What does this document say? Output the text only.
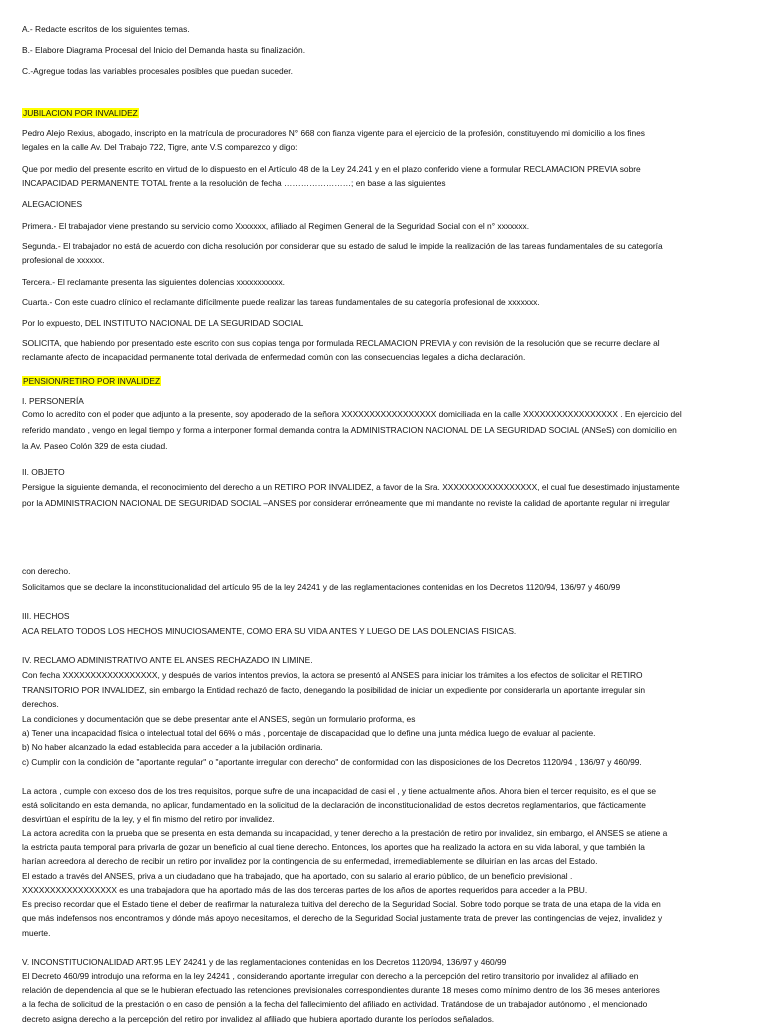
A.- Redacte escritos de los siguientes temas.
B.- Elabore Diagrama Procesal del Inicio del Demanda hasta su finalización.
C.-Agregue todas las variables procesales posibles que puedan suceder.
JUBILACION POR INVALIDEZ
Pedro Alejo Rexius, abogado, inscripto en la matrícula de procuradores N° 668 con fianza vigente para el ejercicio de la profesión, constituyendo mi domicilio a los fines
legales en la calle Av. Del Trabajo 722, Tigre, ante V.S comparezco y digo:
Que por medio del presente escrito en virtud de lo dispuesto en el Artículo 48 de la Ley 24.241 y en el plazo conferido viene a formular RECLAMACION PREVIA sobre
INCAPACIDAD PERMANENTE TOTAL frente a la resolución de fecha ……………………; en base a las siguientes
ALEGACIONES
Primera.- El trabajador viene prestando su servicio como Xxxxxxx, afiliado al Regimen General de la Seguridad Social con el n° xxxxxxx.
Segunda.- El trabajador no está de acuerdo con dicha resolución por considerar que su estado de salud le impide la realización de las tareas fundamentales de su categoría
profesional de xxxxxx.
Tercera.- El reclamante presenta las siguientes dolencias xxxxxxxxxxx.
Cuarta.- Con este cuadro clínico el reclamante difícilmente puede realizar las tareas fundamentales de su categoría profesional de xxxxxxx.
Por lo expuesto, DEL INSTITUTO NACIONAL DE LA SEGURIDAD SOCIAL
SOLICITA, que habiendo por presentado este escrito con sus copias tenga por formulada RECLAMACION PREVIA y con revisión de la resolución que se recurre declare al
reclamante afecto de incapacidad permanente total derivada de enfermedad común con las consecuencias legales a dicha declaración.
PENSION/RETIRO POR INVALIDEZ
I. PERSONERÍA
Como lo acredito con el poder que adjunto a la presente, soy apoderado de la señora XXXXXXXXXXXXXXXXX domiciliada en la calle XXXXXXXXXXXXXXXXX . En ejercicio del
referido mandato , vengo en legal tiempo y forma a interponer formal demanda contra la ADMINISTRACION NACIONAL DE LA SEGURIDAD SOCIAL (ANSeS) con domicilio en
la Av. Paseo Colón 329 de esta ciudad.
II. OBJETO
Persigue la siguiente demanda, el reconocimiento del derecho a un RETIRO POR INVALIDEZ, a favor de la Sra. XXXXXXXXXXXXXXXXX, el cual fue desestimado injustamente
por la ADMINISTRACION NACIONAL DE SEGURIDAD SOCIAL –ANSES por considerar erróneamente que mi mandante no reviste la calidad de aportante regular ni irregular
con derecho.
Solicitamos que se declare la inconstitucionalidad del artículo 95 de la ley 24241 y de las reglamentaciones contenidas en los Decretos 1120/94, 136/97 y 460/99
III. HECHOS
ACA RELATO TODOS LOS HECHOS MINUCIOSAMENTE, COMO ERA SU VIDA ANTES Y LUEGO DE LAS DOLENCIAS FISICAS.
IV. RECLAMO ADMINISTRATIVO ANTE EL ANSES RECHAZADO IN LIMINE.
Con fecha XXXXXXXXXXXXXXXXX, y después de varios intentos previos, la actora se presentó al ANSES para iniciar los trámites a los efectos de solicitar el RETIRO
TRANSITORIO POR INVALIDEZ, sin embargo la Entidad rechazó de facto, denegando la posibilidad de iniciar un expediente por considerarla un aportante irregular sin
derechos.
La condiciones y documentación que se debe presentar ante el ANSES, según un formulario proforma, es
a) Tener una incapacidad física o intelectual total del 66% o más , porcentaje de discapacidad que lo define una junta médica luego de evaluar al paciente.
b) No haber alcanzado la edad establecida para acceder a la jubilación ordinaria.
c) Cumplir con la condición de "aportante regular" o "aportante irregular con derecho" de conformidad con las disposiciones de los Decretos 1120/94 , 136/97 y 460/99.
La actora , cumple con exceso dos de los tres requisitos, porque sufre de una incapacidad de casi el , y tiene actualmente años. Ahora bien el tercer requisito, es el que se
está solicitando en esta demanda, no aplicar, fundamentado en la solicitud de la declaración de inconstitucionalidad de estos decretos reglamentarios, que fácticamente
desvirtúan el espíritu de la ley, y el fin mismo del retiro por invalidez.
La actora acredita con la prueba que se presenta en esta demanda su incapacidad, y tener derecho a la prestación de retiro por invalidez, sin embargo, el ANSES se atiene a
la estricta pauta temporal para privarla de gozar un beneficio al cual tiene derecho. Entonces, los aportes que ha realizado la actora en su vida laboral, y que también la
harían acreedora al derecho de recibir un retiro por invalidez por la contingencia de su enfermedad, irremediablemente se diluirían en las arcas del Estado.
El estado a través del ANSES, priva a un ciudadano que ha trabajado, que ha aportado, con su salario al erario público, de un beneficio previsional .
XXXXXXXXXXXXXXXXX es una trabajadora que ha aportado más de las dos terceras partes de los años de aportes requeridos para acceder a la PBU.
Es preciso recordar que el Estado tiene el deber de reafirmar la naturaleza tuitiva del derecho de la Seguridad Social. Sobre todo porque se trata de una etapa de la vida en
que más indefensos nos encontramos y dónde más apoyo necesitamos, el derecho de la Seguridad Social justamente trata de prever las contingencias de vejez, invalidez y
muerte.
V. INCONSTITUCIONALIDAD ART.95 LEY 24241 y de las reglamentaciones contenidas en los Decretos 1120/94, 136/97 y 460/99
El Decreto 460/99 introdujo una reforma en la ley 24241 , considerando aportante irregular con derecho a la percepción del retiro transitorio por invalidez al afiliado en
relación de dependencia al que se le hubieran efectuado las retenciones previsionales correspondientes durante 18 meses como mínimo dentro de los 36 meses anteriores
a la fecha de solicitud de la prestación o en caso de pensión a la fecha del fallecimiento del afiliado en actividad. Tratándose de un trabajador autónomo , el mencionado
decreto asigna derecho a la percepción del retiro por invalidez al afiliado que hubiera aportado durante los períodos señalados.
